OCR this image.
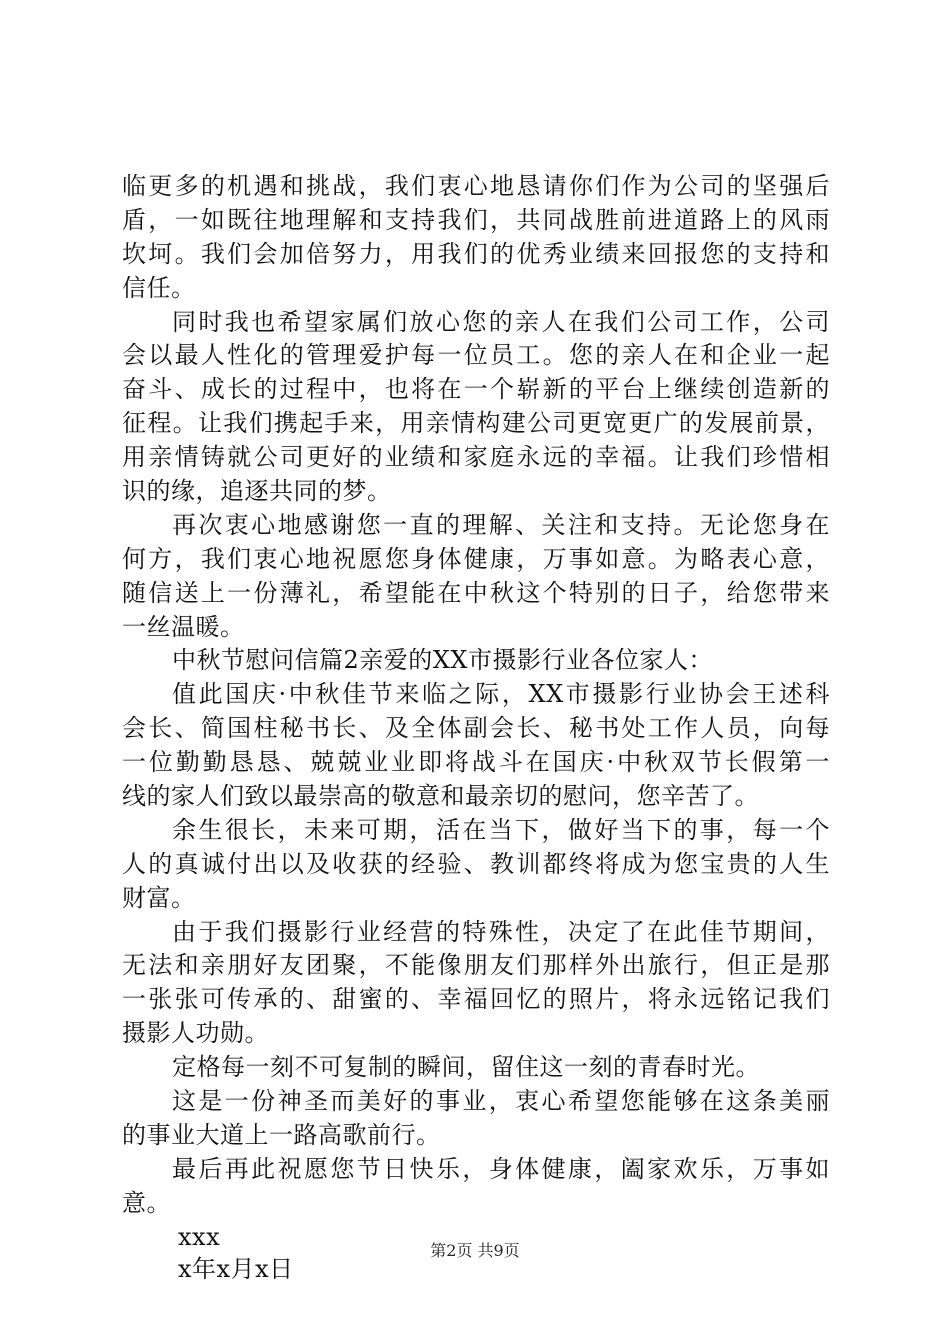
临更多的机遇和挑战，我们衷心地恳请你们作为公司的坚强后
盾，一如既往地理解和支持我们，共同战胜前进道路上的风雨
坎坷。我们会加倍努力，用我们的优秀业绩来回报您的支持和
信任。
同时我也希望家属们放心您的亲人在我们公司工作，公司
会以最人性化的管理爱护每一位员工。您的亲人在和企业一起
奋斗、成长的过程中，也将在一个崭新的平台上继续创造新的
征程。让我们携起手来，用亲情构建公司更宽更广的发展前景，
用亲情铸就公司更好的业绩和家庭永远的幸福。让我们珍惜相
识的缘，追逐共同的梦。
再次衷心地感谢您一直的理解、关注和支持。无论您身在
何方，我们衷心地祝愿您身体健康，万事如意。为略表心意，
随信送上一份薄礼，希望能在中秋这个特别的日子，给您带来
一丝温暖。
中秋节慰问信篇2亲爱的XX市摄影行业各位家人：
值此国庆·中秋佳节来临之际，XX市摄影行业协会王述科
会长、简国柱秘书长、及全体副会长、秘书处工作人员，向每
一位勤勤恳恳、兢兢业业即将战斗在国庆·中秋双节长假第一
线的家人们致以最崇高的敬意和最亲切的慰问，您辛苦了。
余生很长，未来可期，活在当下，做好当下的事，每一个
人的真诚付出以及收获的经验、教训都终将成为您宝贵的人生
财富。
由于我们摄影行业经营的特殊性，决定了在此佳节期间，
无法和亲朋好友团聚，不能像朋友们那样外出旅行，但正是那
一张张可传承的、甜蜜的、幸福回忆的照片，将永远铭记我们
摄影人功勋。
定格每一刻不可复制的瞬间，留住这一刻的青春时光。
这是一份神圣而美好的事业，衷心希望您能够在这条美丽
的事业大道上一路高歌前行。
最后再此祝愿您节日快乐，身体健康，阖家欢乐，万事如
意。
xxx
x年x月x日
第2页 共9页
